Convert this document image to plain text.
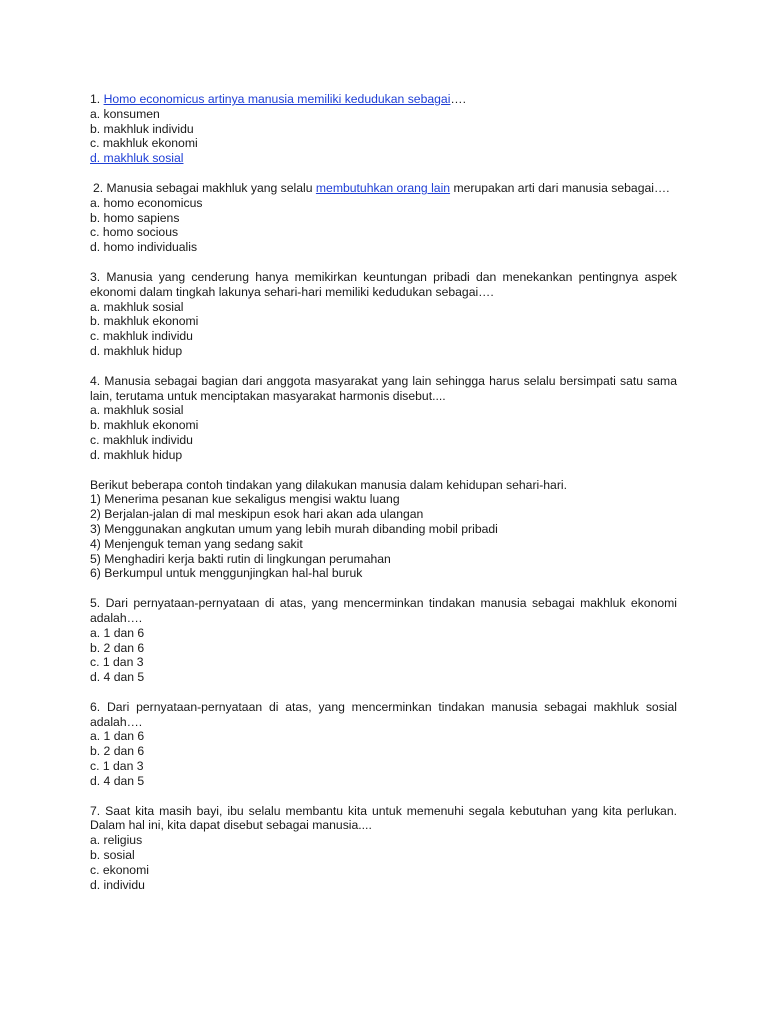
1. Homo economicus artinya manusia memiliki kedudukan sebagai….
a. konsumen
b. makhluk individu
c. makhluk ekonomi
d. makhluk sosial
2. Manusia sebagai makhluk yang selalu membutuhkan orang lain merupakan arti dari manusia sebagai….
a. homo economicus
b. homo sapiens
c. homo socious
d. homo individualis
3. Manusia yang cenderung hanya memikirkan keuntungan pribadi dan menekankan pentingnya aspek ekonomi dalam tingkah lakunya sehari-hari memiliki kedudukan sebagai….
a. makhluk sosial
b. makhluk ekonomi
c. makhluk individu
d. makhluk hidup
4. Manusia sebagai bagian dari anggota masyarakat yang lain sehingga harus selalu bersimpati satu sama lain, terutama untuk menciptakan masyarakat harmonis disebut....
a. makhluk sosial
b. makhluk ekonomi
c. makhluk individu
d. makhluk hidup
Berikut beberapa contoh tindakan yang dilakukan manusia dalam kehidupan sehari-hari.
1) Menerima pesanan kue sekaligus mengisi waktu luang
2) Berjalan-jalan di mal meskipun esok hari akan ada ulangan
3) Menggunakan angkutan umum yang lebih murah dibanding mobil pribadi
4) Menjenguk teman yang sedang sakit
5) Menghadiri kerja bakti rutin di lingkungan perumahan
6) Berkumpul untuk menggunjingkan hal-hal buruk
5. Dari pernyataan-pernyataan di atas, yang mencerminkan tindakan manusia sebagai makhluk ekonomi adalah….
a. 1 dan 6
b. 2 dan 6
c. 1 dan 3
d. 4 dan 5
6. Dari pernyataan-pernyataan di atas, yang mencerminkan tindakan manusia sebagai makhluk sosial adalah….
a. 1 dan 6
b. 2 dan 6
c. 1 dan 3
d. 4 dan 5
7. Saat kita masih bayi, ibu selalu membantu kita untuk memenuhi segala kebutuhan yang kita perlukan. Dalam hal ini, kita dapat disebut sebagai manusia....
a. religius
b. sosial
c. ekonomi
d. individu
